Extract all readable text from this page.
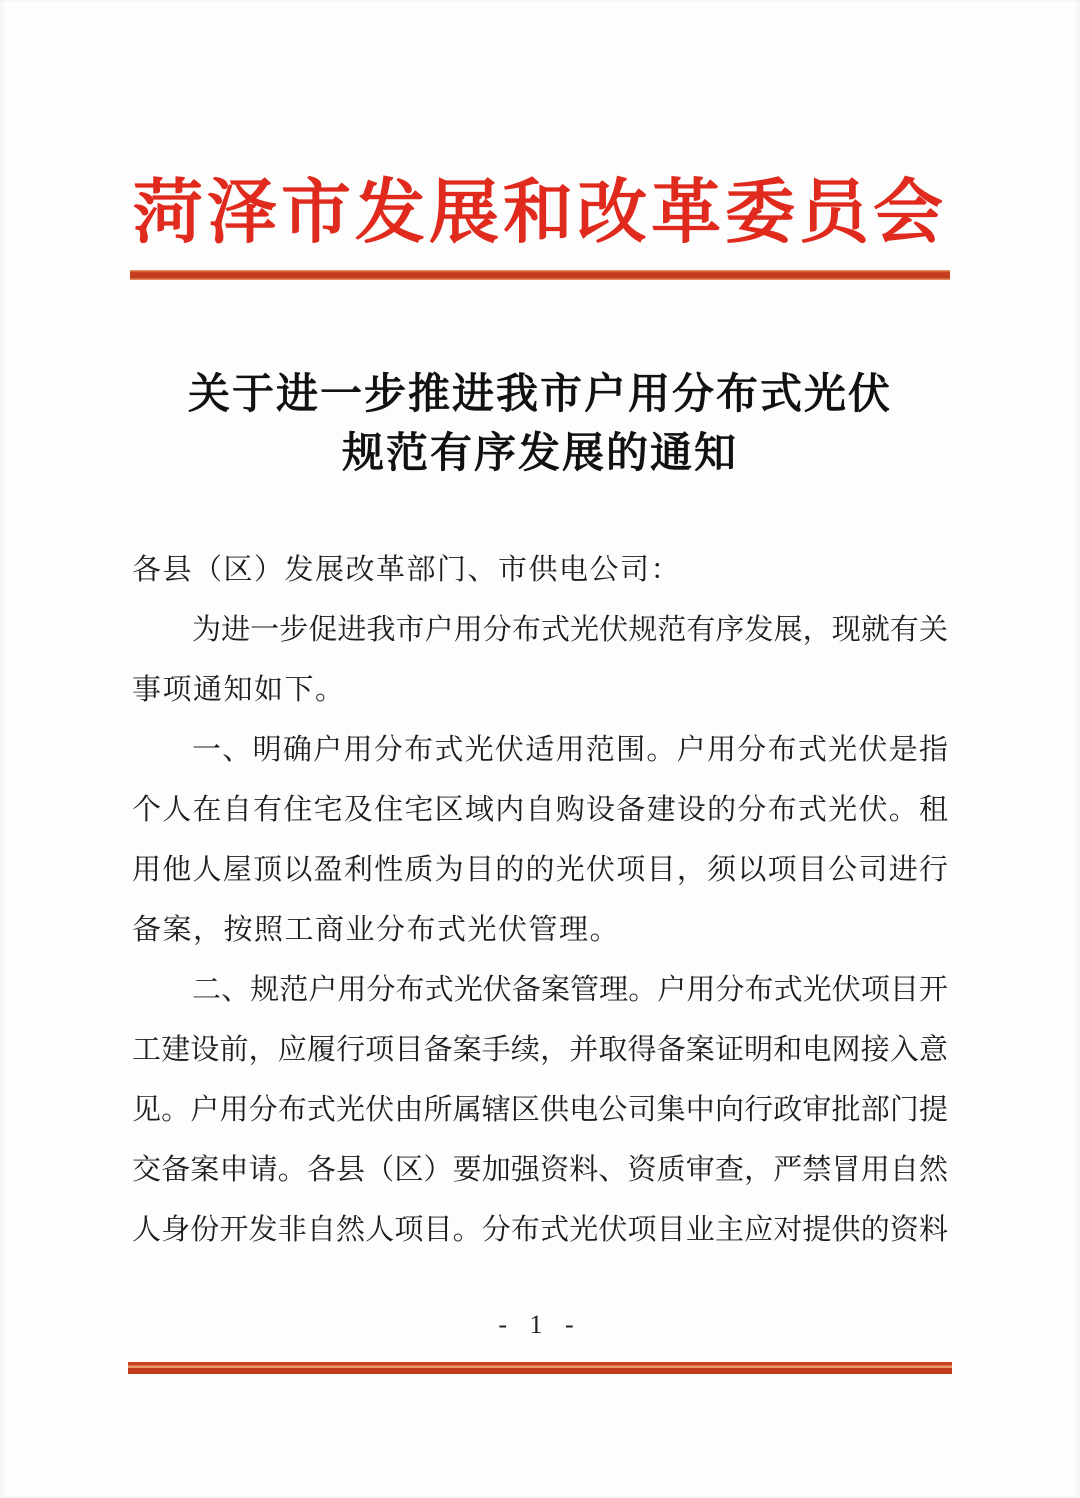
菏泽市发展和改革委员会
关于进一步推进我市户用分布式光伏
规范有序发展的通知
各县（区）发展改革部门、市供电公司：
为进一步促进我市户用分布式光伏规范有序发展，现就有关
事项通知如下。
一、明确户用分布式光伏适用范围。户用分布式光伏是指
个人在自有住宅及住宅区域内自购设备建设的分布式光伏。租
用他人屋顶以盈利性质为目的的光伏项目，须以项目公司进行
备案，按照工商业分布式光伏管理。
二、规范户用分布式光伏备案管理。户用分布式光伏项目开
工建设前，应履行项目备案手续，并取得备案证明和电网接入意
见。户用分布式光伏由所属辖区供电公司集中向行政审批部门提
交备案申请。各县（区）要加强资料、资质审查，严禁冒用自然
人身份开发非自然人项目。分布式光伏项目业主应对提供的资料
- 1 -
